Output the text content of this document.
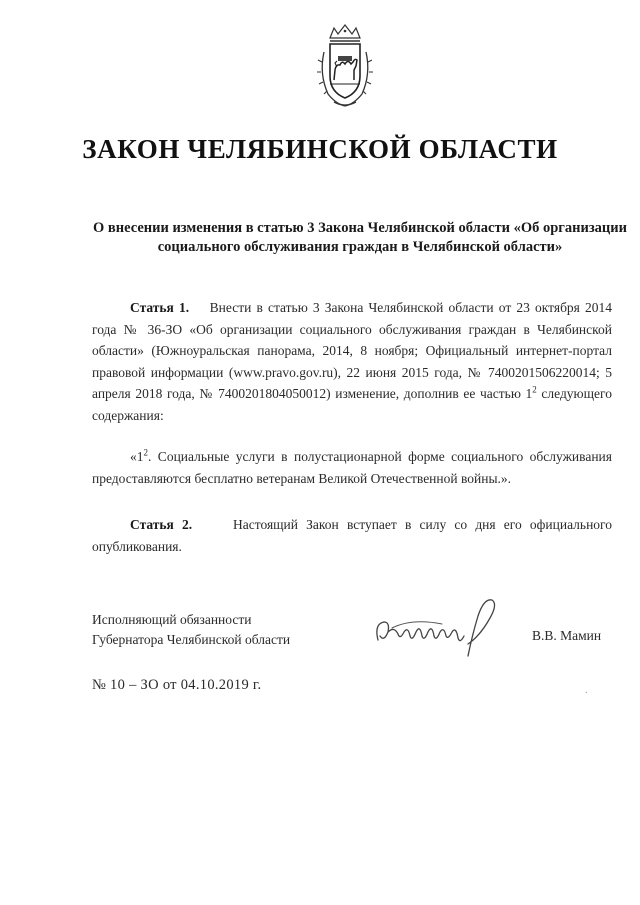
ЗАКОН ЧЕЛЯБИНСКОЙ ОБЛАСТИ
О внесении изменения в статью 3 Закона Челябинской области «Об организации
социального обслуживания граждан в Челябинской области»
Статья 1. Внести в статью 3 Закона Челябинской области от 23 октября 2014 года № 36-ЗО «Об организации социального обслуживания граждан в Челябинской области» (Южноуральская панорама, 2014, 8 ноября; Официальный интернет-портал правовой информации (www.pravo.gov.ru), 22 июня 2015 года, № 7400201506220014; 5 апреля 2018 года, № 7400201804050012) изменение, дополнив ее частью $1^2$ следующего содержания:
«$1^2$. Социальные услуги в полустационарной форме социального обслуживания предоставляются бесплатно ветеранам Великой Отечественной войны.».
Статья 2.	Настоящий Закон вступает в силу со дня его официального опубликования.
Исполняющий обязанности
Губернатора Челябинской области	В.В. Мамин
№ 10 – ЗО от 04.10.2019 г.	.
